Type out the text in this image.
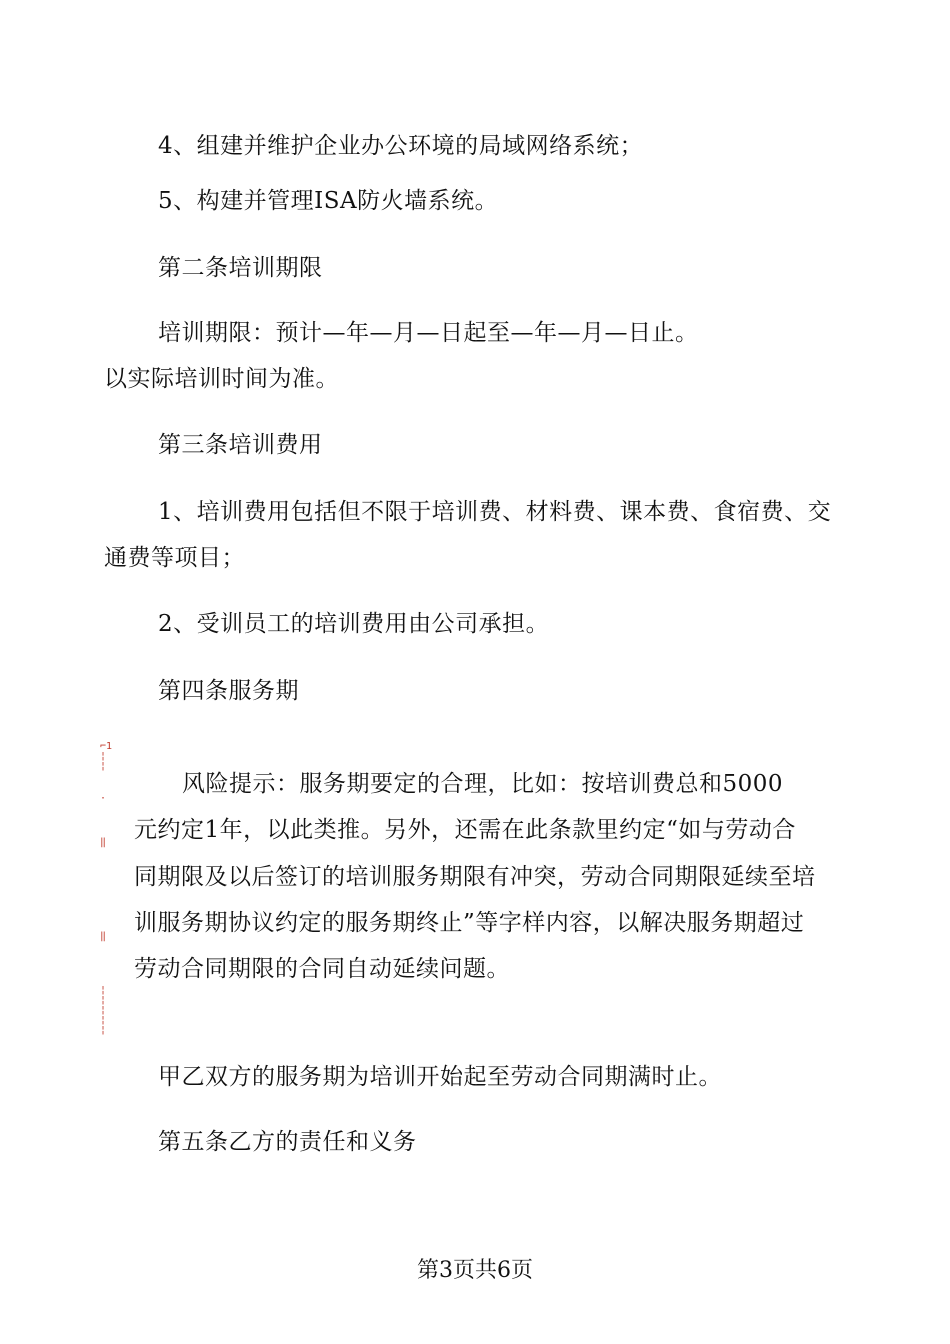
4、组建并维护企业办公环境的局域网络系统；
5、构建并管理ISA防火墙系统。
第二条培训期限
培训期限：预计—年—月—日起至—年—月—日止。
以实际培训时间为准。
第三条培训费用
1、培训费用包括但不限于培训费、材料费、课本费、食宿费、交
通费等项目；
2、受训员工的培训费用由公司承担。
第四条服务期
⌐1
¦
¦
·
‖
‖
¦
¦
¦
¦
¦
风险提示：服务期要定的合理，比如：按培训费总和5000
元约定1年，以此类推。另外，还需在此条款里约定“如与劳动合
同期限及以后签订的培训服务期限有冲突，劳动合同期限延续至培
训服务期协议约定的服务期终止”等字样内容，以解决服务期超过
劳动合同期限的合同自动延续问题。
甲乙双方的服务期为培训开始起至劳动合同期满时止。
第五条乙方的责任和义务
第3页共6页
